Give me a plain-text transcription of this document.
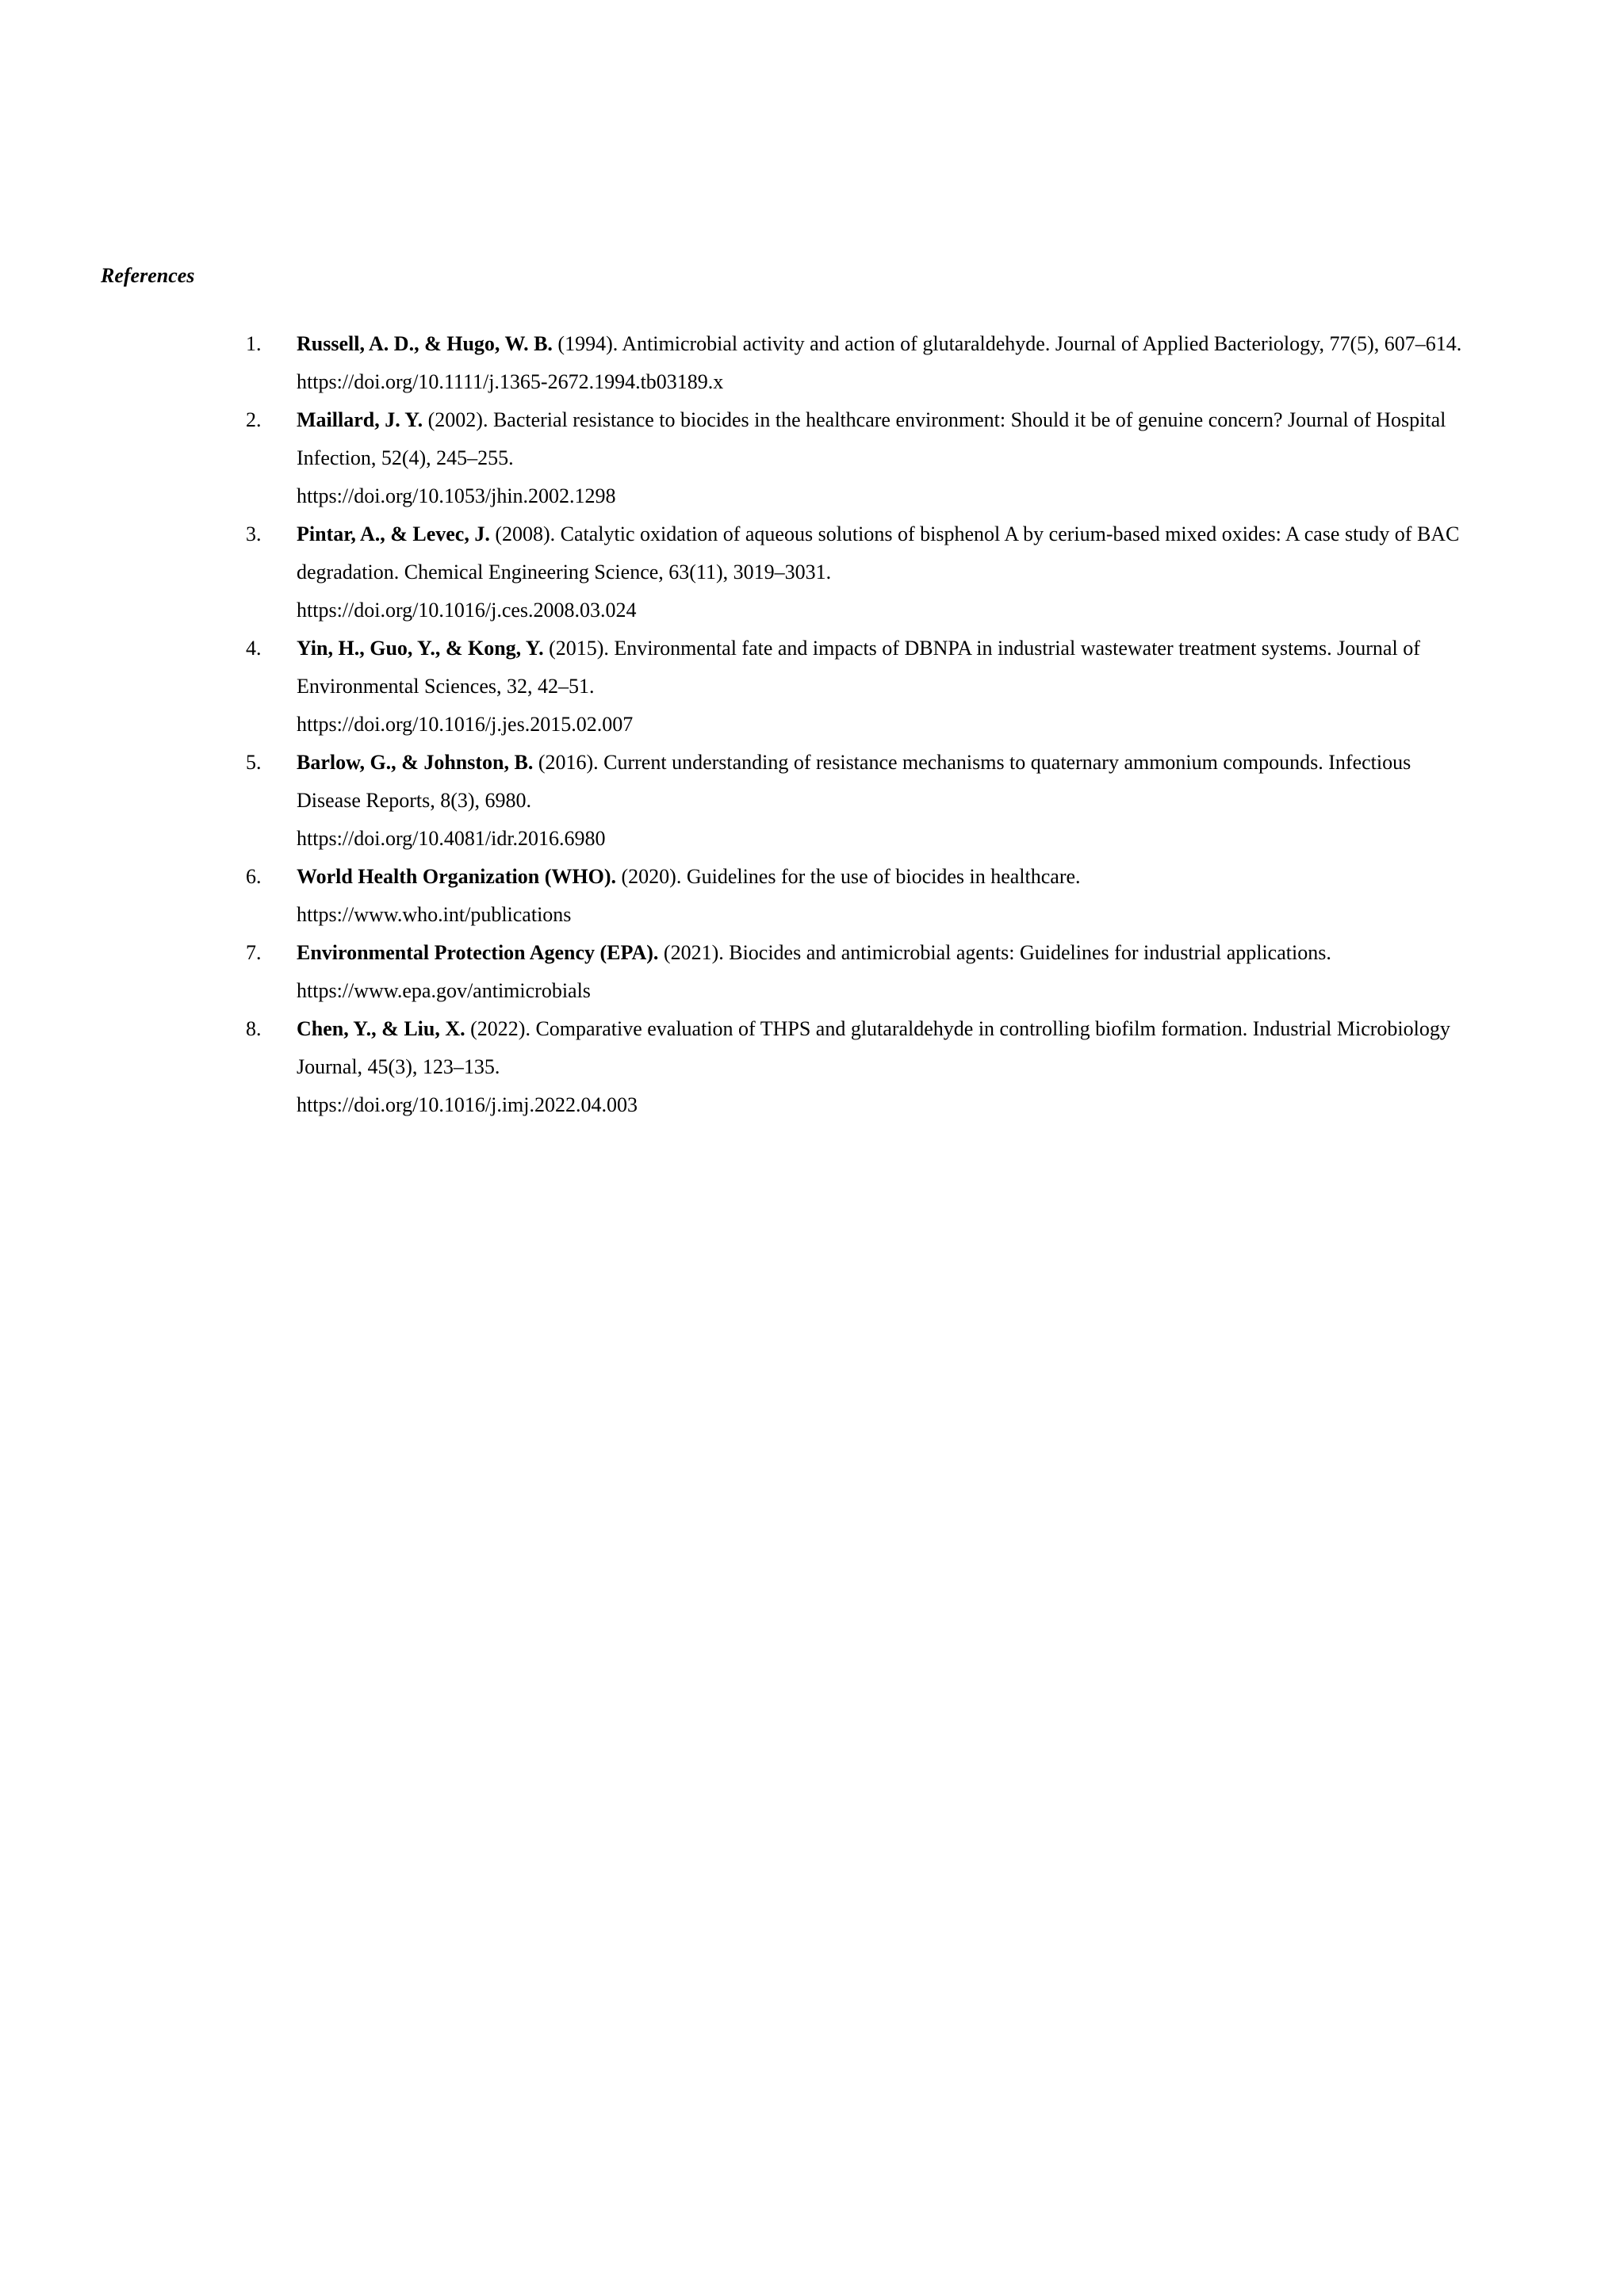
References
1. Russell, A. D., & Hugo, W. B. (1994). Antimicrobial activity and action of glutaraldehyde. Journal of Applied Bacteriology, 77(5), 607–614.
https://doi.org/10.1111/j.1365-2672.1994.tb03189.x
2. Maillard, J. Y. (2002). Bacterial resistance to biocides in the healthcare environment: Should it be of genuine concern? Journal of Hospital Infection, 52(4), 245–255.
https://doi.org/10.1053/jhin.2002.1298
3. Pintar, A., & Levec, J. (2008). Catalytic oxidation of aqueous solutions of bisphenol A by cerium-based mixed oxides: A case study of BAC degradation. Chemical Engineering Science, 63(11), 3019–3031.
https://doi.org/10.1016/j.ces.2008.03.024
4. Yin, H., Guo, Y., & Kong, Y. (2015). Environmental fate and impacts of DBNPA in industrial wastewater treatment systems. Journal of Environmental Sciences, 32, 42–51.
https://doi.org/10.1016/j.jes.2015.02.007
5. Barlow, G., & Johnston, B. (2016). Current understanding of resistance mechanisms to quaternary ammonium compounds. Infectious Disease Reports, 8(3), 6980.
https://doi.org/10.4081/idr.2016.6980
6. World Health Organization (WHO). (2020). Guidelines for the use of biocides in healthcare.
https://www.who.int/publications
7. Environmental Protection Agency (EPA). (2021). Biocides and antimicrobial agents: Guidelines for industrial applications.
https://www.epa.gov/antimicrobials
8. Chen, Y., & Liu, X. (2022). Comparative evaluation of THPS and glutaraldehyde in controlling biofilm formation. Industrial Microbiology Journal, 45(3), 123–135.
https://doi.org/10.1016/j.imj.2022.04.003
